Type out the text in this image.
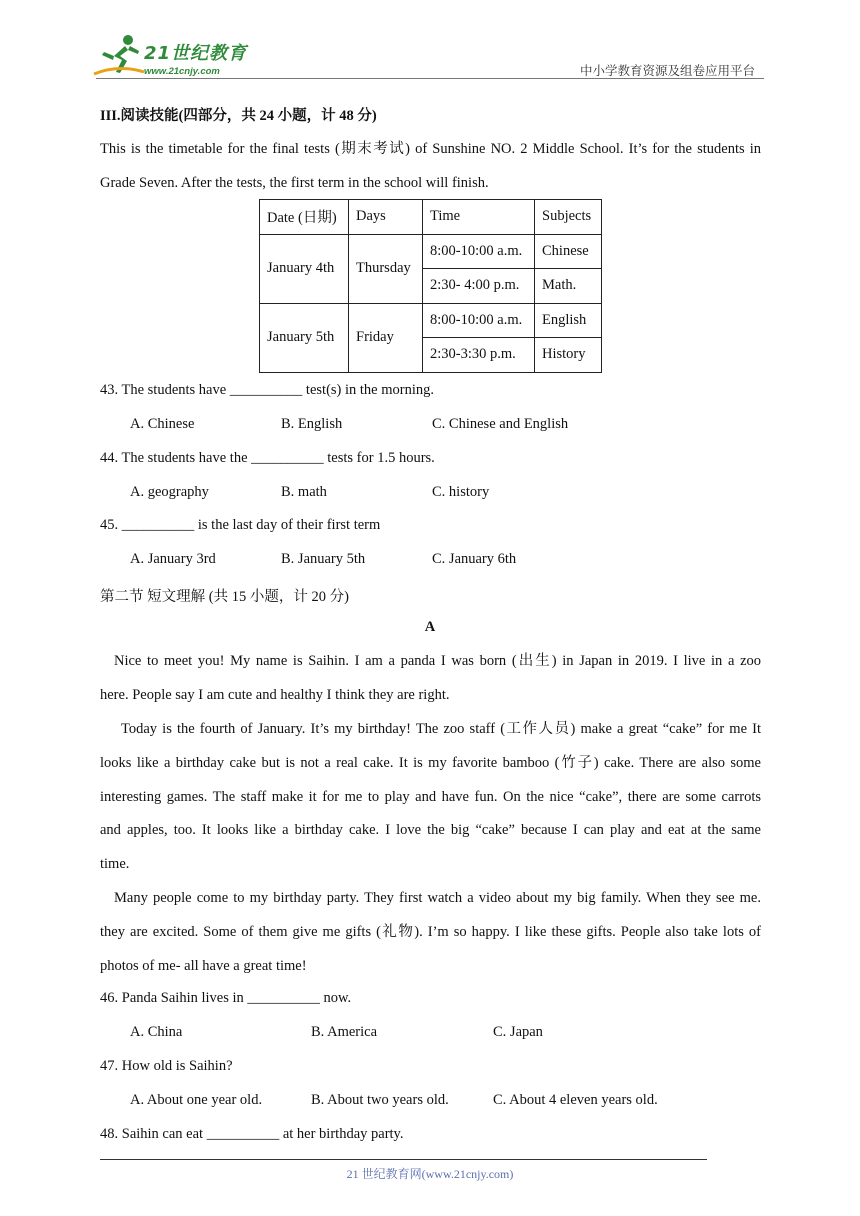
21世纪教育
www.21cnjy.com	中小学教育资源及组卷应用平台
III.阅读技能(四部分，共 24 小题，计 48 分)
This is the timetable for the final tests (期末考试) of Sunshine NO. 2 Middle School. It’s for the students in
Grade Seven. After the tests, the first term in the school will finish.
Date (日期)	Days	Time	Subjects
January 4th	Thursday	8:00-10:00 a.m.	Chinese
		2:30- 4:00 p.m.	Math.
January 5th	Friday	8:00-10:00 a.m.	English
		2:30-3:30 p.m.	History
43. The students have __________ test(s) in the morning.
A. Chinese	B. English	C. Chinese and English
44. The students have the __________ tests for 1.5 hours.
A. geography	B. math	C. history
45. __________ is the last day of their first term
A. January 3rd	B. January 5th	C. January 6th
第二节 短文理解 (共 15 小题，计 20 分)
A
Nice to meet you! My name is Saihin. I am a panda I was born (出生) in Japan in 2019. I live in a zoo
here. People say I am cute and healthy I think they are right.
Today is the fourth of January. It’s my birthday! The zoo staff (工作人员) make a great “cake” for me It
looks like a birthday cake but is not a real cake. It is my favorite bamboo (竹子) cake. There are also some
interesting games. The staff make it for me to play and have fun. On the nice “cake”, there are some carrots
and apples, too. It looks like a birthday cake. I love the big “cake” because I can play and eat at the same
time.
Many people come to my birthday party. They first watch a video about my big family. When they see me.
they are excited. Some of them give me gifts (礼物). I’m so happy. I like these gifts. People also take lots of
photos of me- all have a great time!
46. Panda Saihin lives in __________ now.
A. China	B. America	C. Japan
47. How old is Saihin?
A. About one year old.	B. About two years old.	C. About 4 eleven years old.
48. Saihin can eat __________ at her birthday party.
21 世纪教育网(www.21cnjy.com)
